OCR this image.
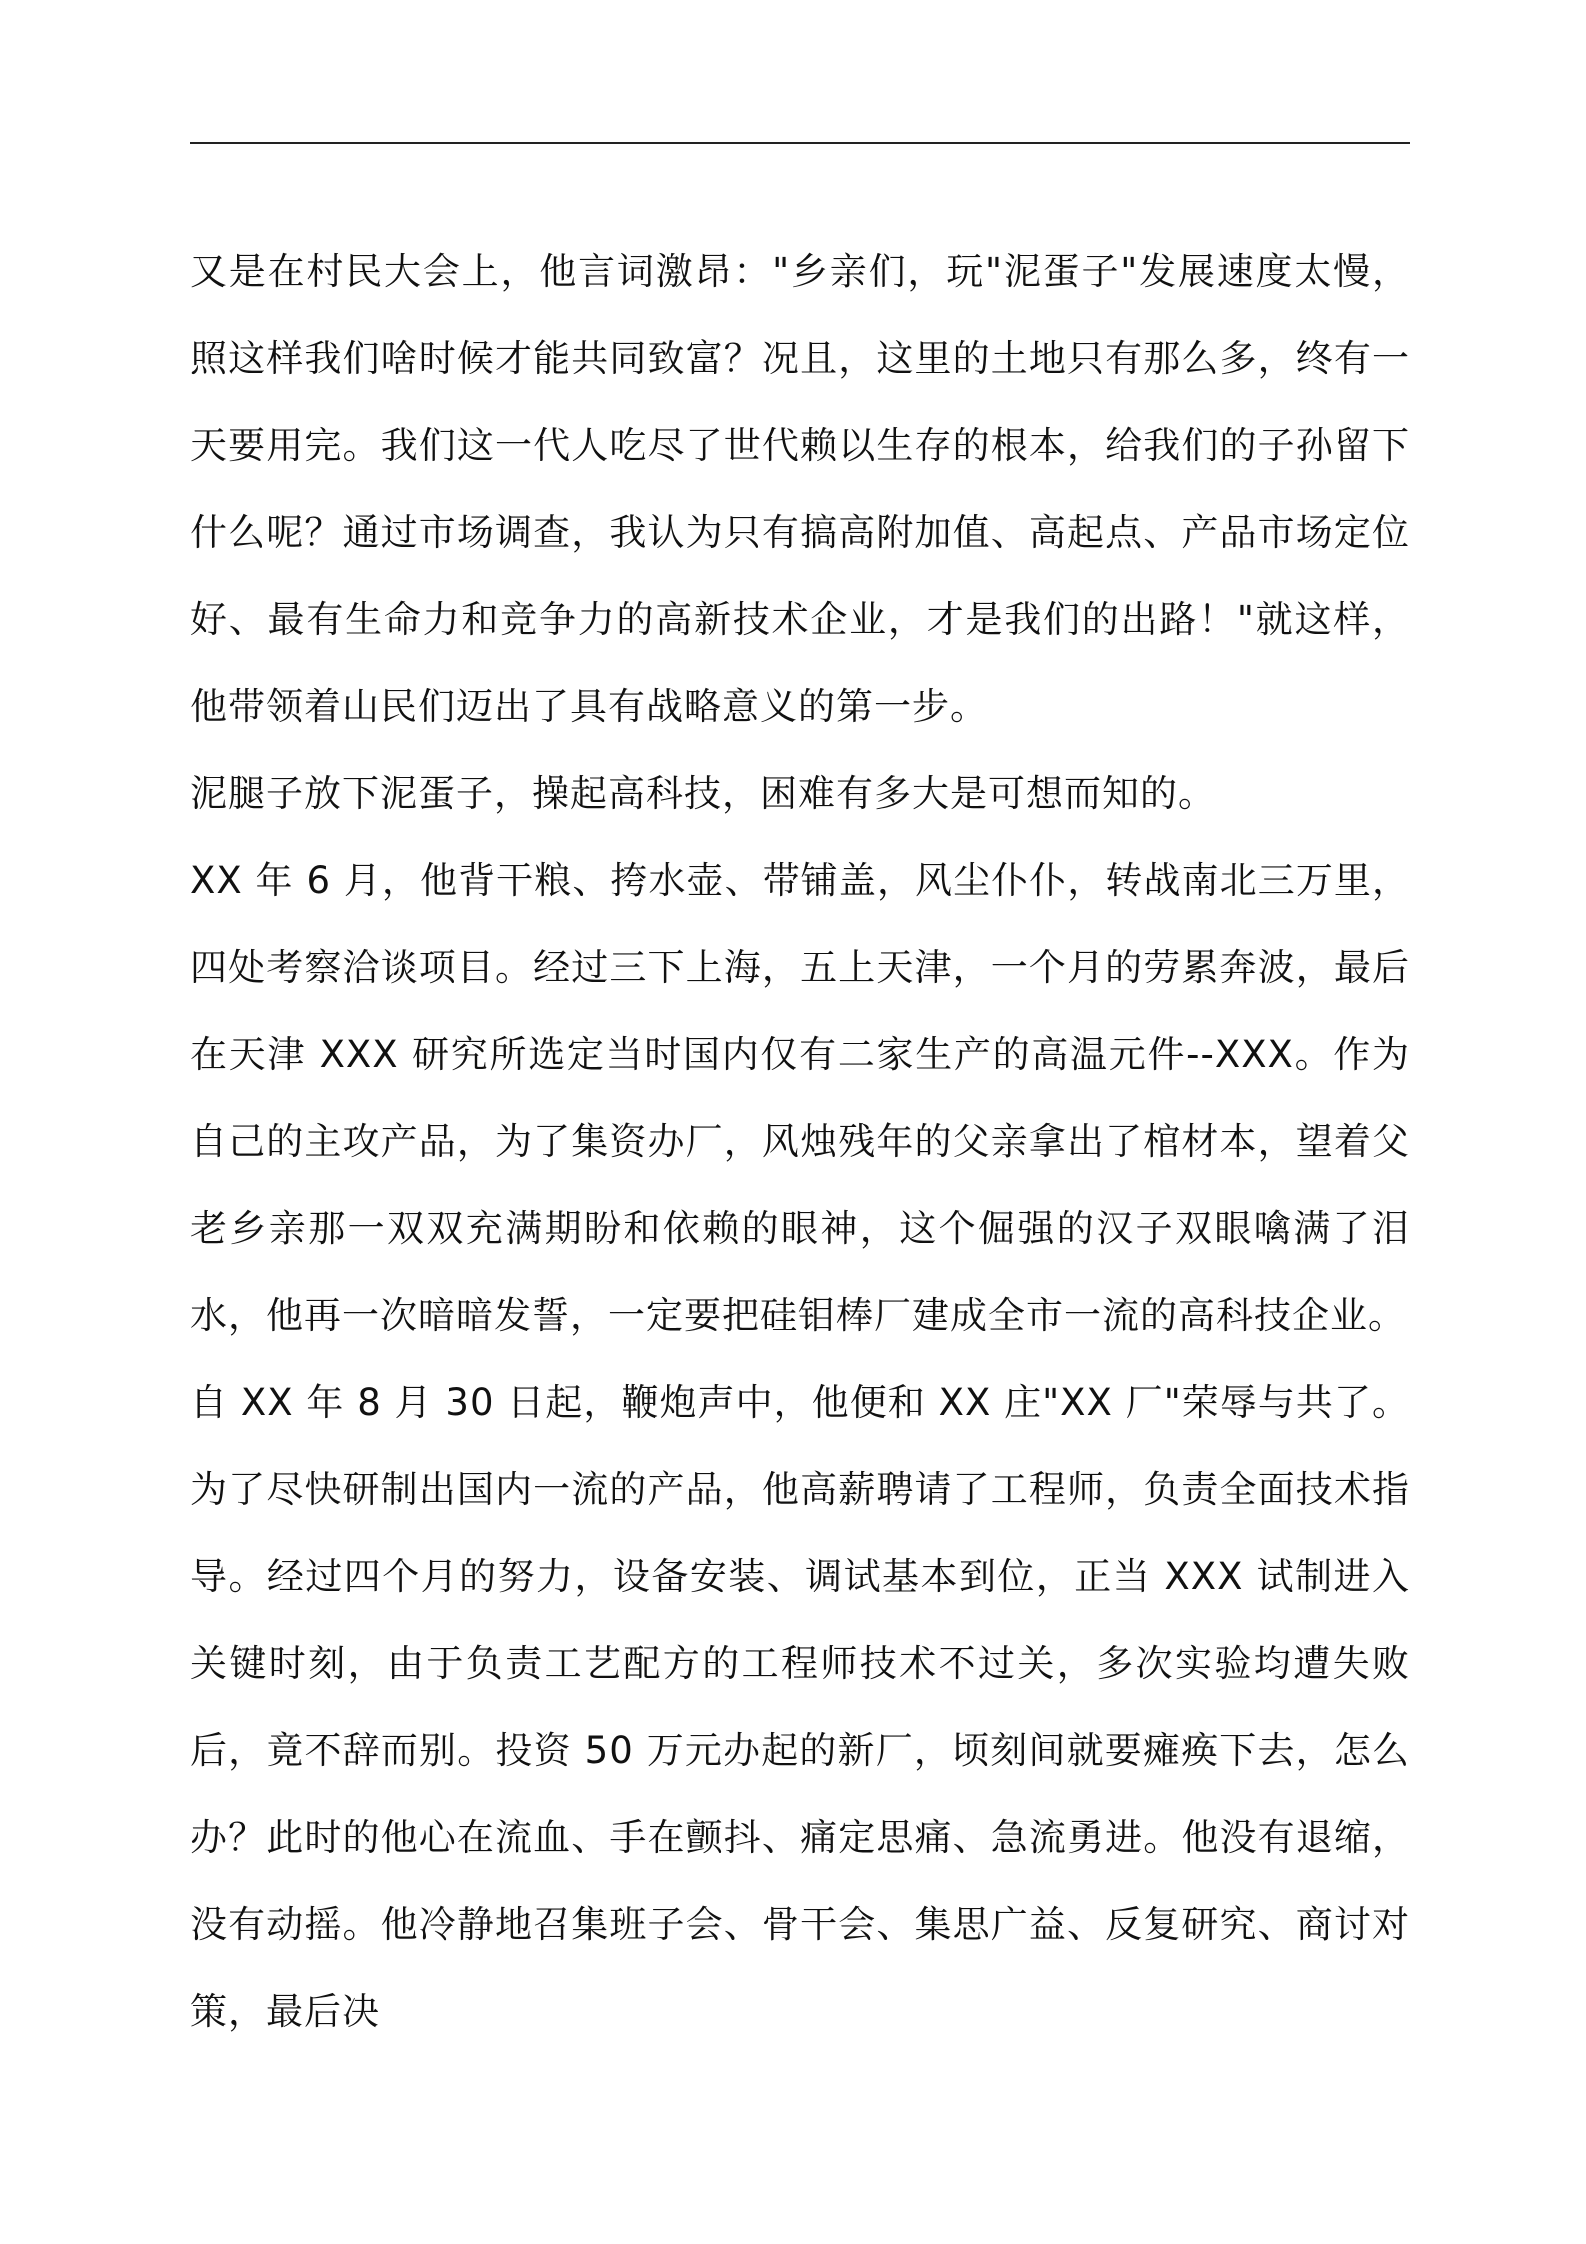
又是在村民大会上，他言词激昂："乡亲们，玩"泥蛋子"发展速度太慢，照这样我们啥时候才能共同致富？况且，这里的土地只有那么多，终有一天要用完。我们这一代人吃尽了世代赖以生存的根本，给我们的子孙留下什么呢？通过市场调查，我认为只有搞高附加值、高起点、产品市场定位好、最有生命力和竞争力的高新技术企业，才是我们的出路！"就这样，他带领着山民们迈出了具有战略意义的第一步。

泥腿子放下泥蛋子，操起高科技，困难有多大是可想而知的。

XX 年 6 月，他背干粮、挎水壶、带铺盖，风尘仆仆，转战南北三万里，四处考察洽谈项目。经过三下上海，五上天津，一个月的劳累奔波，最后在天津 XXX 研究所选定当时国内仅有二家生产的高温元件--XXX。作为自己的主攻产品，为了集资办厂，风烛残年的父亲拿出了棺材本，望着父老乡亲那一双双充满期盼和依赖的眼神，这个倔强的汉子双眼噙满了泪水，他再一次暗暗发誓，一定要把硅钼棒厂建成全市一流的高科技企业。

自 XX 年 8 月 30 日起，鞭炮声中，他便和 XX 庄"XX 厂"荣辱与共了。为了尽快研制出国内一流的产品，他高薪聘请了工程师，负责全面技术指导。经过四个月的努力，设备安装、调试基本到位，正当 XXX 试制进入关键时刻，由于负责工艺配方的工程师技术不过关，多次实验均遭失败后，竟不辞而别。投资 50 万元办起的新厂，顷刻间就要瘫痪下去，怎么办？此时的他心在流血、手在颤抖、痛定思痛、急流勇进。他没有退缩，没有动摇。他冷静地召集班子会、骨干会、集思广益、反复研究、商讨对策，最后决
